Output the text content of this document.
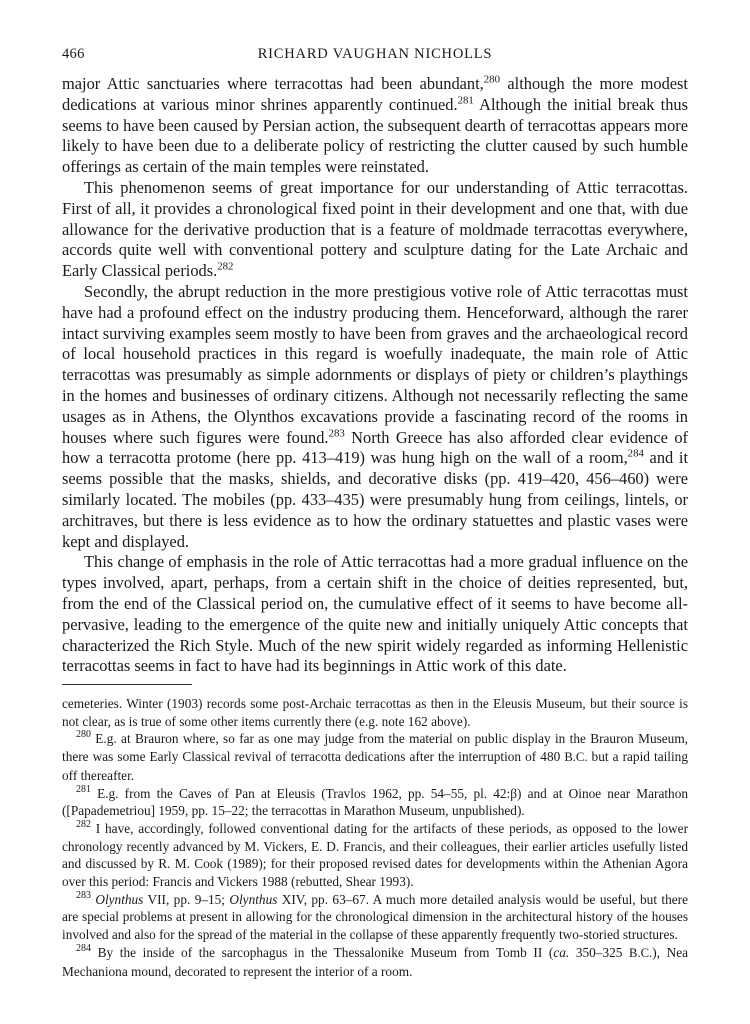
466	RICHARD VAUGHAN NICHOLLS

major Attic sanctuaries where terracottas had been abundant,$^{280}$ although the more modest dedications at various minor shrines apparently continued.$^{281}$ Although the initial break thus seems to have been caused by Persian action, the subsequent dearth of terracottas appears more likely to have been due to a deliberate policy of restricting the clutter caused by such humble offerings as certain of the main temples were reinstated.

This phenomenon seems of great importance for our understanding of Attic terracottas. First of all, it provides a chronological fixed point in their development and one that, with due allowance for the derivative production that is a feature of moldmade terracottas everywhere, accords quite well with conventional pottery and sculpture dating for the Late Archaic and Early Classical periods.$^{282}$

Secondly, the abrupt reduction in the more prestigious votive role of Attic terracottas must have had a profound effect on the industry producing them. Henceforward, although the rarer intact surviving examples seem mostly to have been from graves and the archaeological record of local household practices in this regard is woefully inadequate, the main role of Attic terracottas was presumably as simple adornments or displays of piety or children’s playthings in the homes and businesses of ordinary citizens. Although not necessarily reflecting the same usages as in Athens, the Olynthos excavations provide a fascinating record of the rooms in houses where such figures were found.$^{283}$ North Greece has also afforded clear evidence of how a terracotta protome (here pp. 413–419) was hung high on the wall of a room,$^{284}$ and it seems possible that the masks, shields, and decorative disks (pp. 419–420, 456–460) were similarly located. The mobiles (pp. 433–435) were presumably hung from ceilings, lintels, or architraves, but there is less evidence as to how the ordinary statuettes and plastic vases were kept and displayed.

This change of emphasis in the role of Attic terracottas had a more gradual influence on the types involved, apart, perhaps, from a certain shift in the choice of deities represented, but, from the end of the Classical period on, the cumulative effect of it seems to have become all-pervasive, leading to the emergence of the quite new and initially uniquely Attic concepts that characterized the Rich Style. Much of the new spirit widely regarded as informing Hellenistic terracottas seems in fact to have had its beginnings in Attic work of this date.

cemeteries. Winter (1903) records some post-Archaic terracottas as then in the Eleusis Museum, but their source is not clear, as is true of some other items currently there (e.g. note 162 above).

$^{280}$ E.g. at Brauron where, so far as one may judge from the material on public display in the Brauron Museum, there was some Early Classical revival of terracotta dedications after the interruption of 480 B.C. but a rapid tailing off thereafter.

$^{281}$ E.g. from the Caves of Pan at Eleusis (Travlos 1962, pp. 54–55, pl. 42:β) and at Oinoe near Marathon ([Papademetriou] 1959, pp. 15–22; the terracottas in Marathon Museum, unpublished).

$^{282}$ I have, accordingly, followed conventional dating for the artifacts of these periods, as opposed to the lower chronology recently advanced by M. Vickers, E. D. Francis, and their colleagues, their earlier articles usefully listed and discussed by R. M. Cook (1989); for their proposed revised dates for developments within the Athenian Agora over this period: Francis and Vickers 1988 (rebutted, Shear 1993).

$^{283}$ Olynthus VII, pp. 9–15; Olynthus XIV, pp. 63–67. A much more detailed analysis would be useful, but there are special problems at present in allowing for the chronological dimension in the architectural history of the houses involved and also for the spread of the material in the collapse of these apparently frequently two-storied structures.

$^{284}$ By the inside of the sarcophagus in the Thessalonike Museum from Tomb II (ca. 350–325 B.C.), Nea Mechaniona mound, decorated to represent the interior of a room.
